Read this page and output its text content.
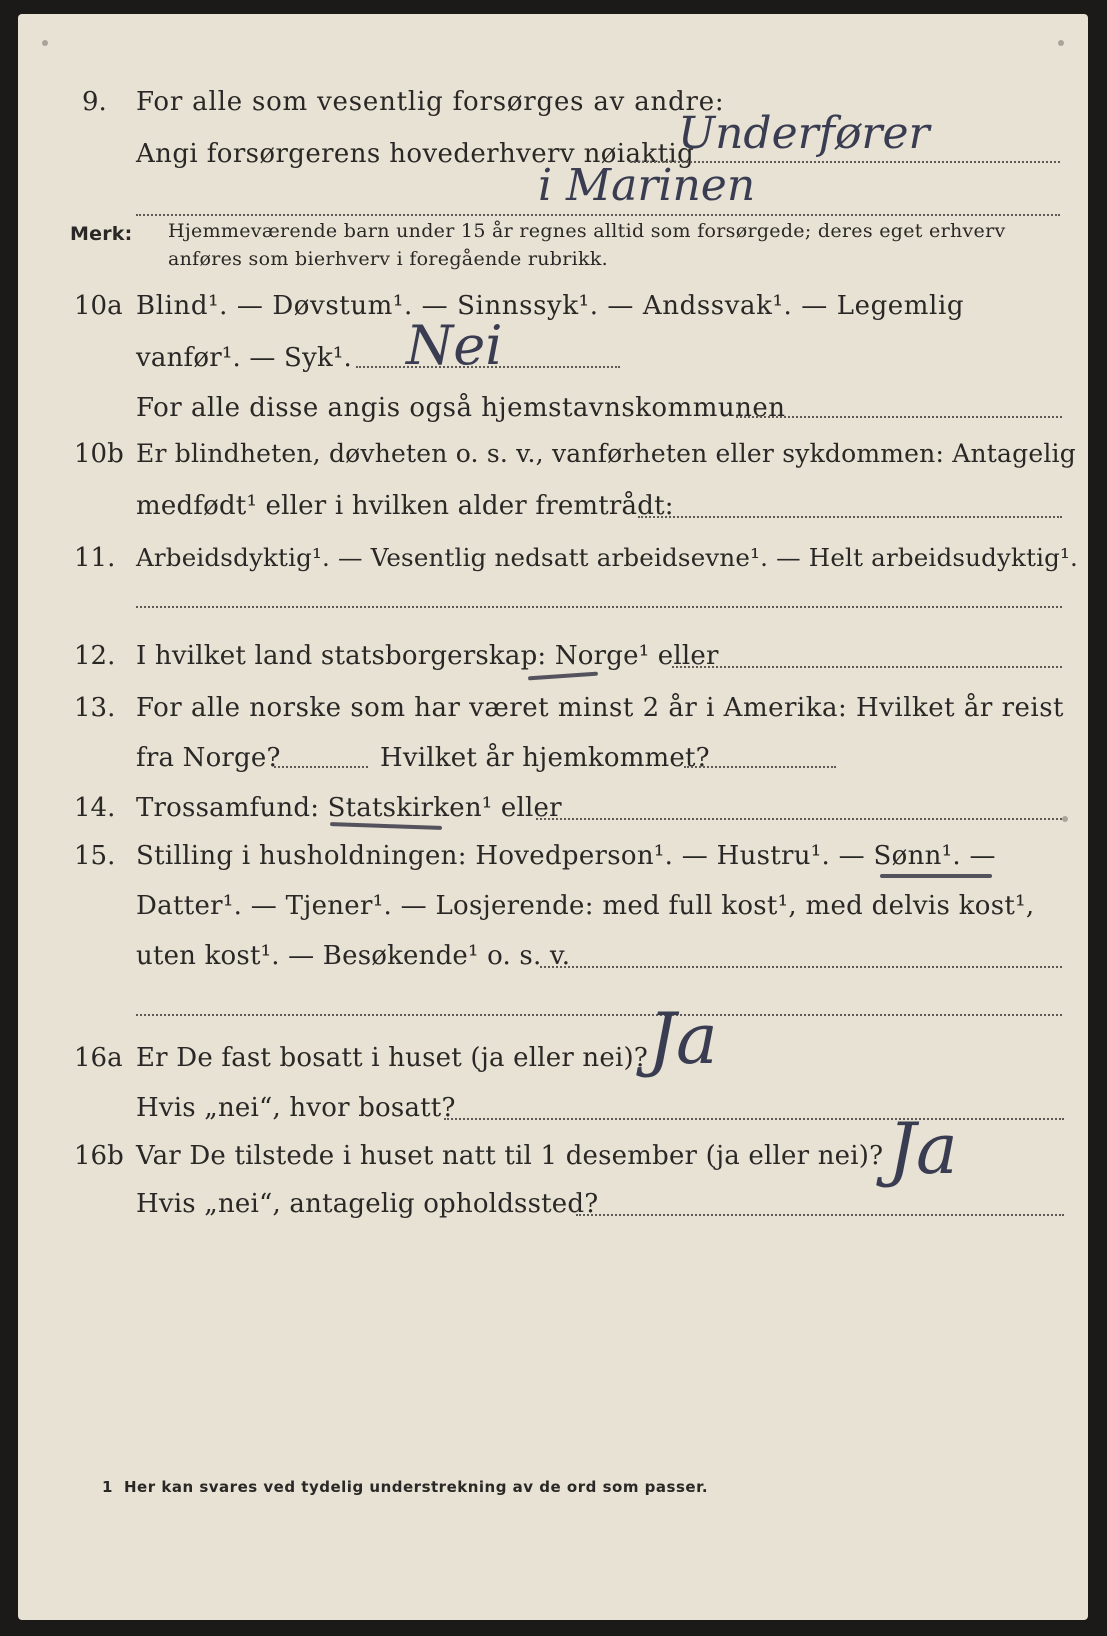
9. For alle som vesentlig forsørges av andre:
Angi forsørgerens hovederhverv nøiaktig
Underfører
i Marinen
Merk: Hjemmeværende barn under 15 år regnes alltid som forsørgede; deres eget erhverv
anføres som bierhverv i foregående rubrikk.
10a Blind¹. — Døvstum¹. — Sinnssyk¹. — Andssvak¹. — Legemlig
vanfør¹. — Syk¹. Nei
For alle disse angis også hjemstavnskommunen
10b Er blindheten, døvheten o. s. v., vanførheten eller sykdommen: Antagelig
medfødt¹ eller i hvilken alder fremtrådt:
11. Arbeidsdyktig¹. — Vesentlig nedsatt arbeidsevne¹. — Helt arbeidsudyktig¹.
12. I hvilket land statsborgerskap: Norge¹ eller
13. For alle norske som har været minst 2 år i Amerika: Hvilket år reist
fra Norge?	Hvilket år hjemkommet?
14. Trossamfund: Statskirken¹ eller
15. Stilling i husholdningen: Hovedperson¹. — Hustru¹. — Sønn¹. —
Datter¹. — Tjener¹. — Losjerende: med full kost¹, med delvis kost¹,
uten kost¹. — Besøkende¹ o. s. v.
16a Er De fast bosatt i huset (ja eller nei)? Ja
Hvis „nei“, hvor bosatt?
16b Var De tilstede i huset natt til 1 desember (ja eller nei)? Ja
Hvis „nei“, antagelig opholdssted?
1 Her kan svares ved tydelig understrekning av de ord som passer.
